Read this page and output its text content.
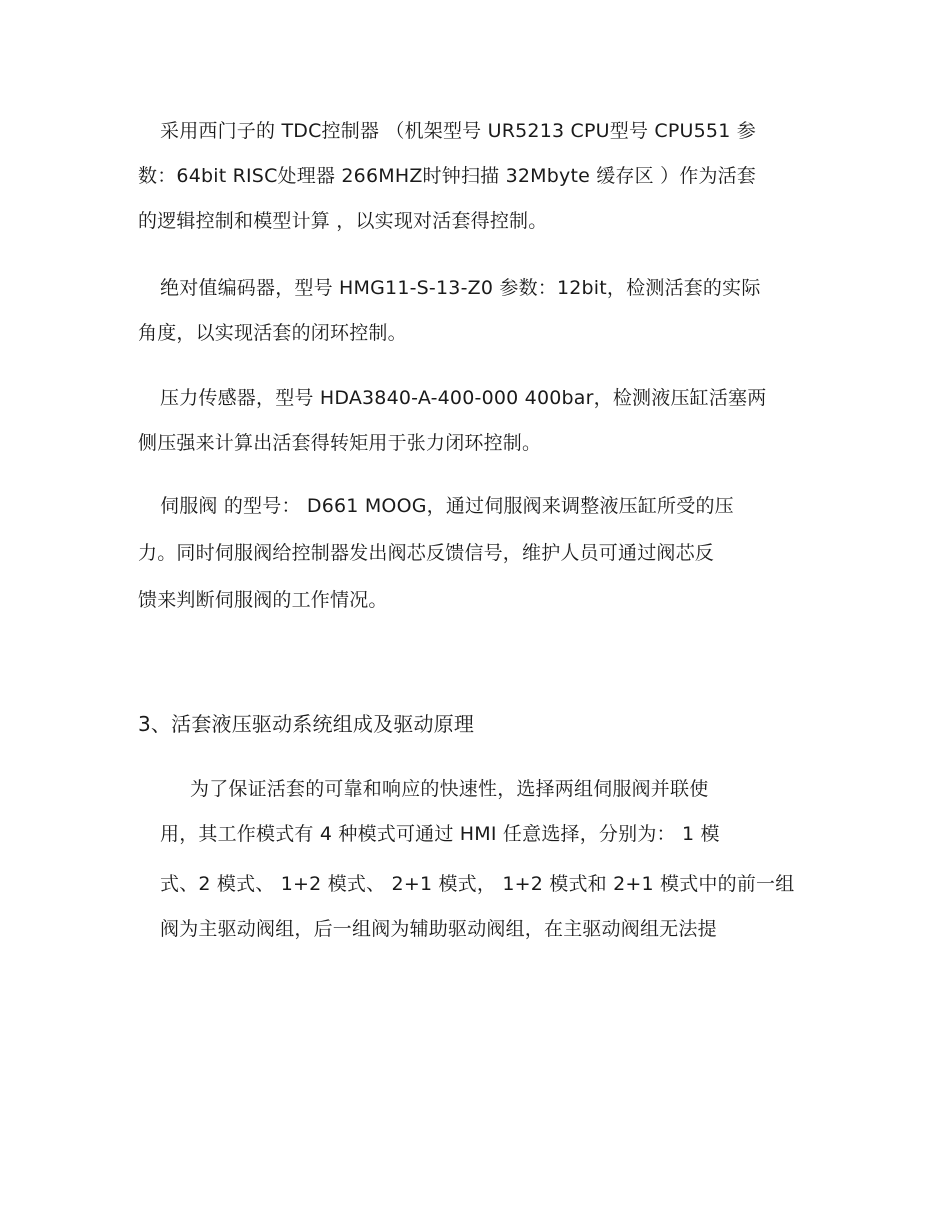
采用西门子的 TDC控制器 （机架型号 UR5213 CPU型号 CPU551 参
数：64bit RISC处理器 266MHZ时钟扫描 32Mbyte 缓存区 ）作为活套
的逻辑控制和模型计算 ，以实现对活套得控制。
绝对值编码器，型号 HMG11-S-13-Z0 参数：12bit，检测活套的实际
角度，以实现活套的闭环控制。
压力传感器，型号 HDA3840-A-400-000 400bar，检测液压缸活塞两
侧压强来计算出活套得转矩用于张力闭环控制。
伺服阀 的型号： D661 MOOG，通过伺服阀来调整液压缸所受的压
力。同时伺服阀给控制器发出阀芯反馈信号，维护人员可通过阀芯反
馈来判断伺服阀的工作情况。
3、活套液压驱动系统组成及驱动原理
为了保证活套的可靠和响应的快速性，选择两组伺服阀并联使
用，其工作模式有 4 种模式可通过 HMI 任意选择，分别为： 1 模
式、2 模式、 1+2 模式、 2+1 模式， 1+2 模式和 2+1 模式中的前一组
阀为主驱动阀组，后一组阀为辅助驱动阀组，在主驱动阀组无法提
